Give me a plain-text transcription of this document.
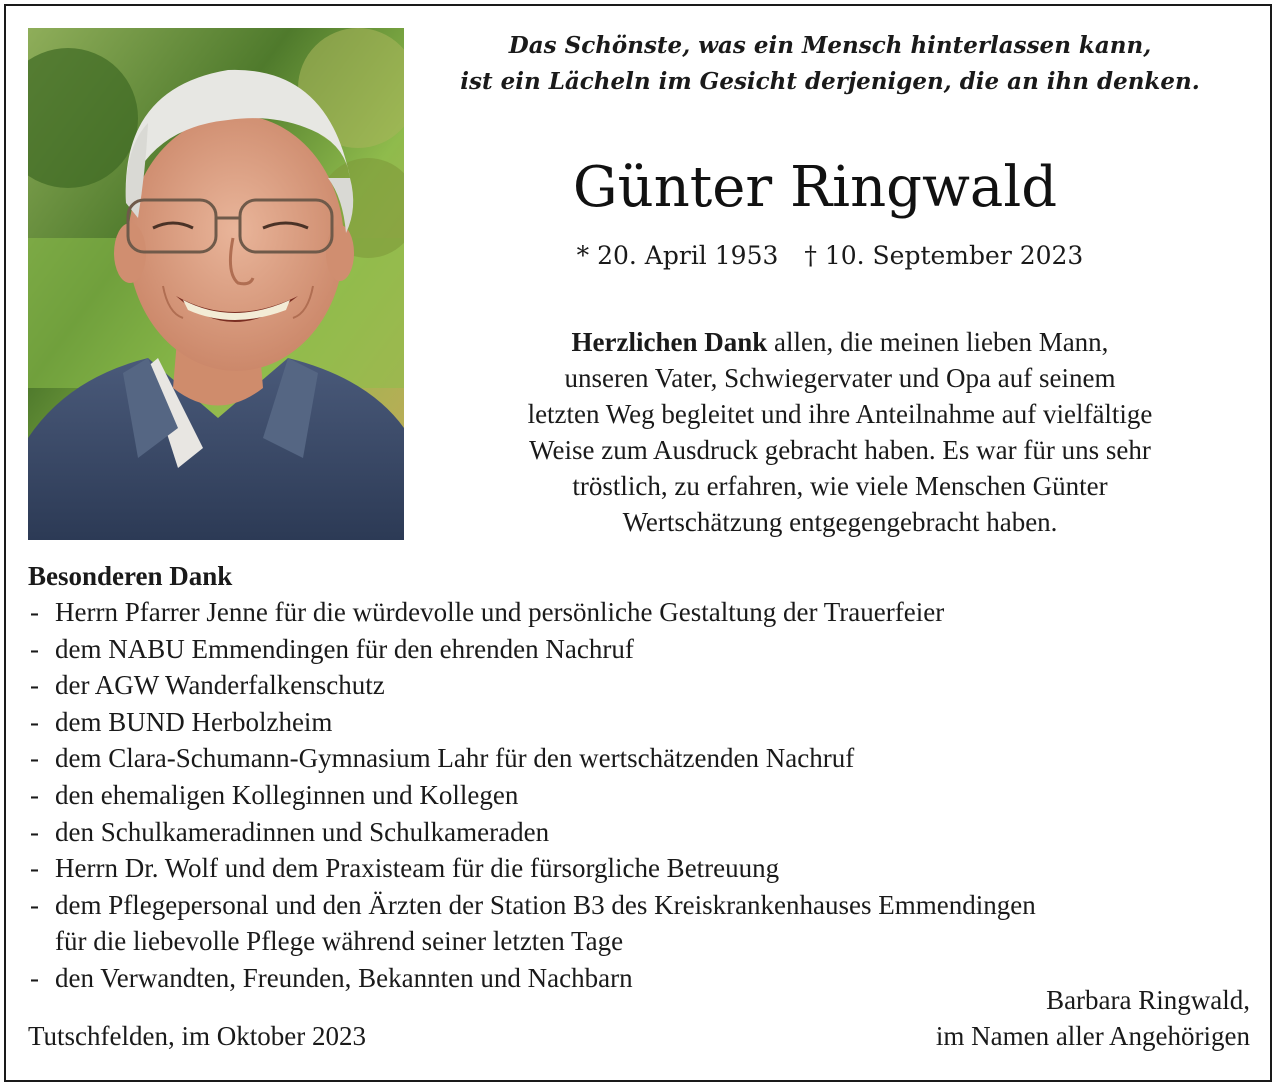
Das Schönste, was ein Mensch hinterlassen kann,
ist ein Lächeln im Gesicht derjenigen, die an ihn denken.
Günter Ringwald
* 20. April 1953 † 10. September 2023
Herzlichen Dank allen, die meinen lieben Mann,
unseren Vater, Schwiegervater und Opa auf seinem
letzten Weg begleitet und ihre Anteilnahme auf vielfältige
Weise zum Ausdruck gebracht haben. Es war für uns sehr
tröstlich, zu erfahren, wie viele Menschen Günter
Wertschätzung entgegengebracht haben.
Besonderen Dank
- Herrn Pfarrer Jenne für die würdevolle und persönliche Gestaltung der Trauerfeier
- dem NABU Emmendingen für den ehrenden Nachruf
- der AGW Wanderfalkenschutz
- dem BUND Herbolzheim
- dem Clara-Schumann-Gymnasium Lahr für den wertschätzenden Nachruf
- den ehemaligen Kolleginnen und Kollegen
- den Schulkameradinnen und Schulkameraden
- Herrn Dr. Wolf und dem Praxisteam für die fürsorgliche Betreuung
- dem Pflegepersonal und den Ärzten der Station B3 des Kreiskrankenhauses Emmendingen
für die liebevolle Pflege während seiner letzten Tage
- den Verwandten, Freunden, Bekannten und Nachbarn
Tutschfelden, im Oktober 2023
Barbara Ringwald,
im Namen aller Angehörigen
